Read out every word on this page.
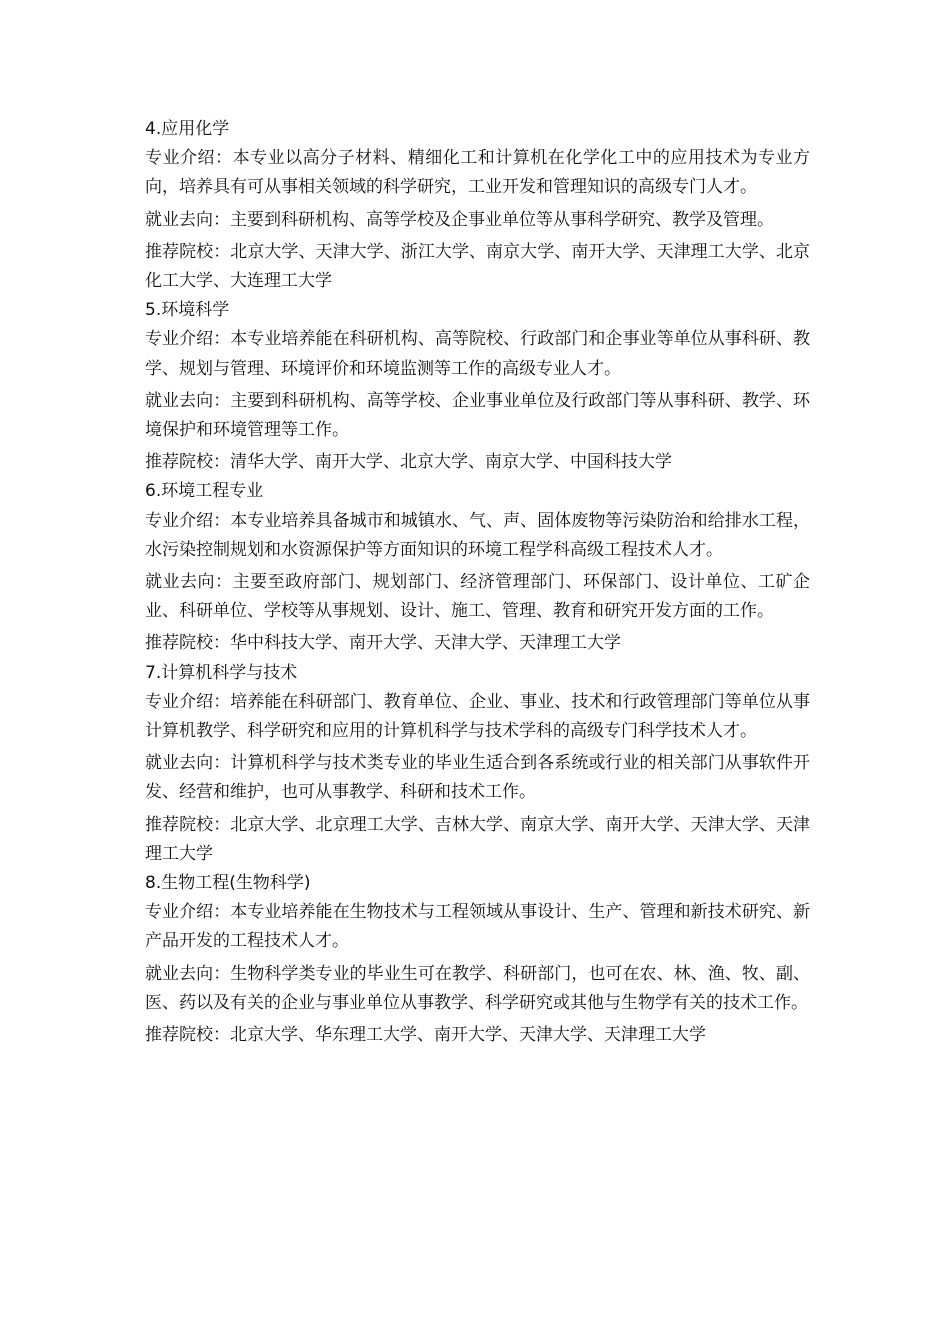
4.应用化学
专业介绍：本专业以高分子材料、精细化工和计算机在化学化工中的应用技术为专业方向，培养具有可从事相关领域的科学研究，工业开发和管理知识的高级专门人才。
就业去向：主要到科研机构、高等学校及企事业单位等从事科学研究、教学及管理。
推荐院校：北京大学、天津大学、浙江大学、南京大学、南开大学、天津理工大学、北京化工大学、大连理工大学
5.环境科学
专业介绍：本专业培养能在科研机构、高等院校、行政部门和企事业等单位从事科研、教学、规划与管理、环境评价和环境监测等工作的高级专业人才。
就业去向：主要到科研机构、高等学校、企业事业单位及行政部门等从事科研、教学、环境保护和环境管理等工作。
推荐院校：清华大学、南开大学、北京大学、南京大学、中国科技大学
6.环境工程专业
专业介绍：本专业培养具备城市和城镇水、气、声、固体废物等污染防治和给排水工程，水污染控制规划和水资源保护等方面知识的环境工程学科高级工程技术人才。
就业去向：主要至政府部门、规划部门、经济管理部门、环保部门、设计单位、工矿企业、科研单位、学校等从事规划、设计、施工、管理、教育和研究开发方面的工作。
推荐院校：华中科技大学、南开大学、天津大学、天津理工大学
7.计算机科学与技术
专业介绍：培养能在科研部门、教育单位、企业、事业、技术和行政管理部门等单位从事计算机教学、科学研究和应用的计算机科学与技术学科的高级专门科学技术人才。
就业去向：计算机科学与技术类专业的毕业生适合到各系统或行业的相关部门从事软件开发、经营和维护，也可从事教学、科研和技术工作。
推荐院校：北京大学、北京理工大学、吉林大学、南京大学、南开大学、天津大学、天津理工大学
8.生物工程(生物科学)
专业介绍：本专业培养能在生物技术与工程领域从事设计、生产、管理和新技术研究、新产品开发的工程技术人才。
就业去向：生物科学类专业的毕业生可在教学、科研部门，也可在农、林、渔、牧、副、医、药以及有关的企业与事业单位从事教学、科学研究或其他与生物学有关的技术工作。
推荐院校：北京大学、华东理工大学、南开大学、天津大学、天津理工大学
